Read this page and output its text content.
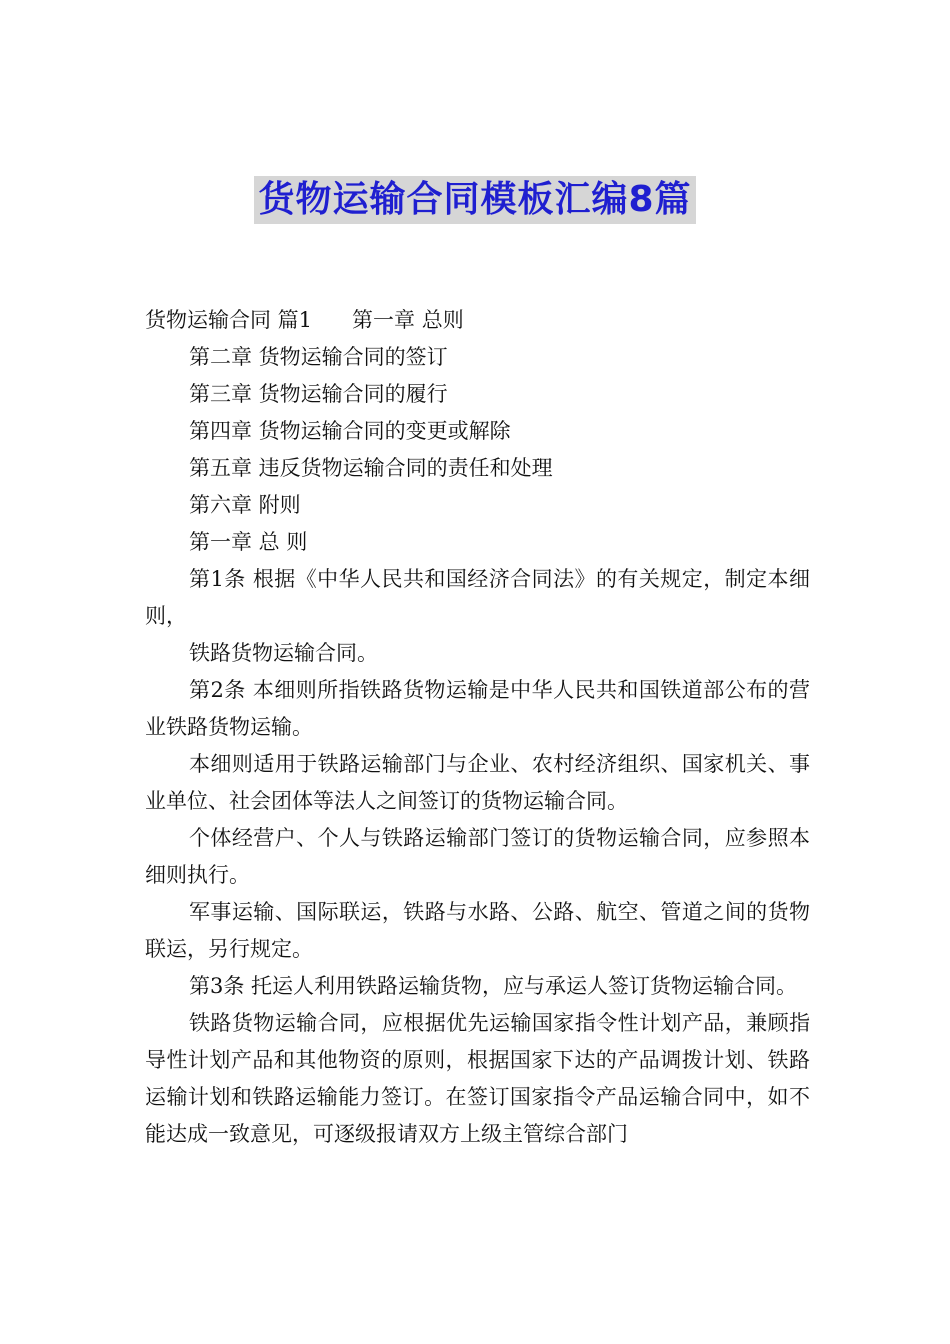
货物运输合同模板汇编8篇

货物运输合同 篇1 第一章 总则

第二章 货物运输合同的签订

第三章 货物运输合同的履行

第四章 货物运输合同的变更或解除

第五章 违反货物运输合同的责任和处理

第六章 附则

第一章 总 则

第1条 根据《中华人民共和国经济合同法》的有关规定，制定本细则，

铁路货物运输合同。

第2条 本细则所指铁路货物运输是中华人民共和国铁道部公布的营业铁路货物运输。

本细则适用于铁路运输部门与企业、农村经济组织、国家机关、事业单位、社会团体等法人之间签订的货物运输合同。

个体经营户、个人与铁路运输部门签订的货物运输合同，应参照本细则执行。

军事运输、国际联运，铁路与水路、公路、航空、管道之间的货物联运，另行规定。

第3条 托运人利用铁路运输货物，应与承运人签订货物运输合同。

铁路货物运输合同，应根据优先运输国家指令性计划产品，兼顾指导性计划产品和其他物资的原则，根据国家下达的产品调拨计划、铁路运输计划和铁路运输能力签订。在签订国家指令产品运输合同中，如不能达成一致意见，可逐级报请双方上级主管综合部门
